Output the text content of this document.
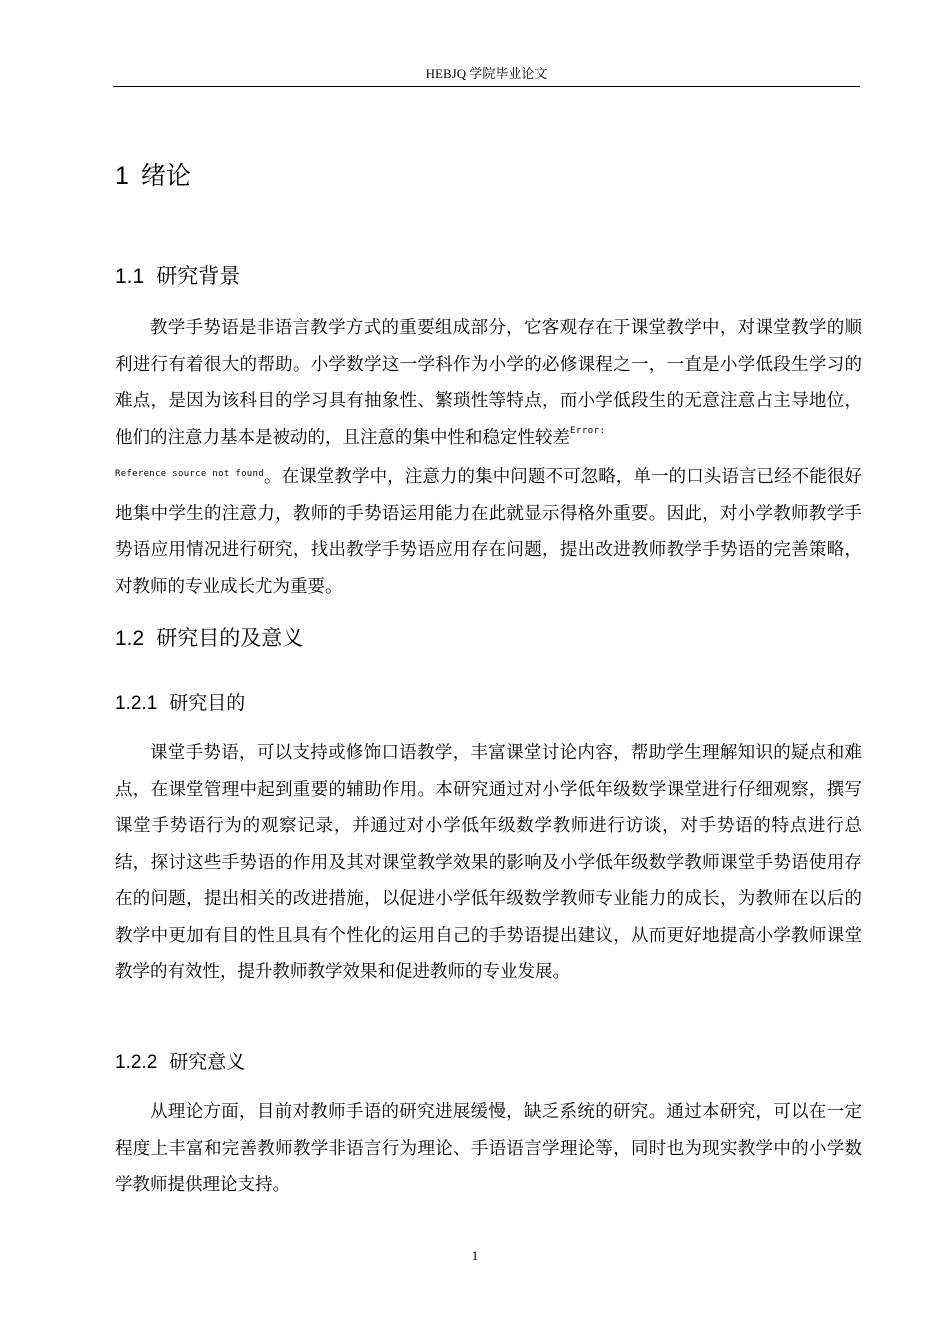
HEBJQ 学院毕业论文
1 绪论
1.1 研究背景

教学手势语是非语言教学方式的重要组成部分，它客观存在于课堂教学中，对课堂教学的顺利进行有着很大的帮助。小学数学这一学科作为小学的必修课程之一，一直是小学低段生学习的难点，是因为该科目的学习具有抽象性、繁琐性等特点，而小学低段生的无意注意占主导地位，他们的注意力基本是被动的，且注意的集中性和稳定性较差$^{Error:}$
$^{Reference source not found}$。在课堂教学中，注意力的集中问题不可忽略，单一的口头语言已经不能很好地集中学生的注意力，教师的手势语运用能力在此就显示得格外重要。因此，对小学教师教学手势语应用情况进行研究，找出教学手势语应用存在问题，提出改进教师教学手势语的完善策略，对教师的专业成长尤为重要。

1.2 研究目的及意义
1.2.1 研究目的

课堂手势语，可以支持或修饰口语教学，丰富课堂讨论内容，帮助学生理解知识的疑点和难点，在课堂管理中起到重要的辅助作用。本研究通过对小学低年级数学课堂进行仔细观察，撰写课堂手势语行为的观察记录，并通过对小学低年级数学教师进行访谈，对手势语的特点进行总结，探讨这些手势语的作用及其对课堂教学效果的影响及小学低年级数学教师课堂手势语使用存在的问题，提出相关的改进措施，以促进小学低年级数学教师专业能力的成长，为教师在以后的教学中更加有目的性且具有个性化的运用自己的手势语提出建议，从而更好地提高小学教师课堂教学的有效性，提升教师教学效果和促进教师的专业发展。

1.2.2 研究意义

从理论方面，目前对教师手语的研究进展缓慢，缺乏系统的研究。通过本研究，可以在一定程度上丰富和完善教师教学非语言行为理论、手语语言学理论等，同时也为现实教学中的小学数学教师提供理论支持。

1
